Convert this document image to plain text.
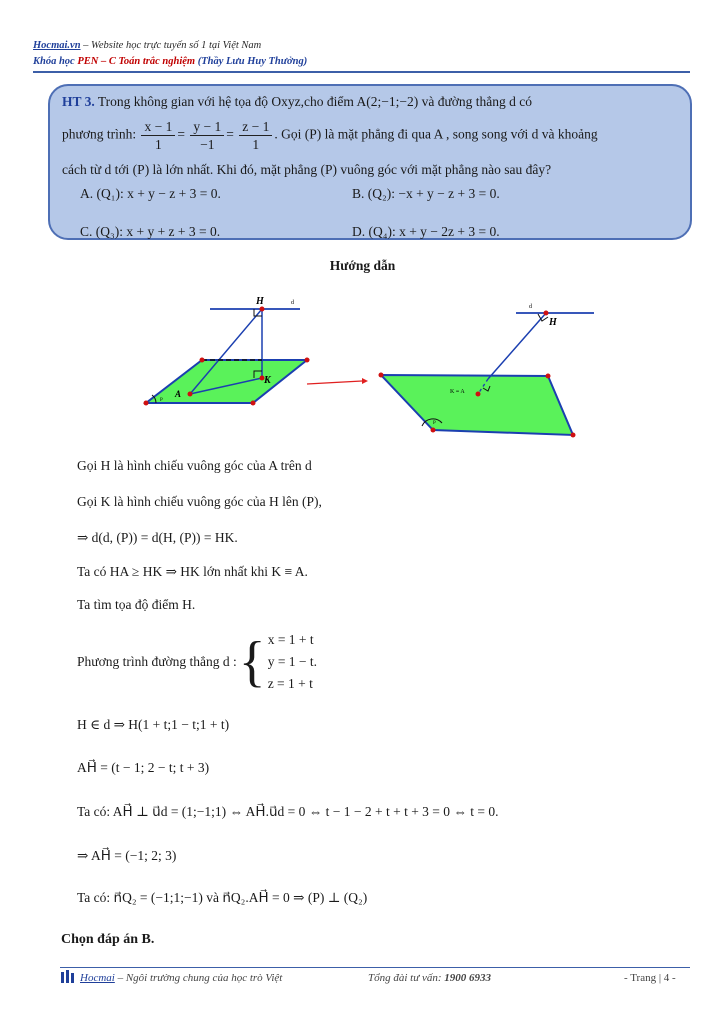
Hocmai.vn – Website học trực tuyến số 1 tại Việt Nam
Khóa học PEN – C Toán trắc nghiệm (Thầy Lưu Huy Thưởng)
HT 3. Trong không gian với hệ tọa độ Oxyz,cho điểm A(2;−1;−2) và đường thẳng d có
phương trình: $\frac{x - 1}{1} = \frac{y - 1}{-1} = \frac{z - 1}{1}$ . Gọi (P) là mặt phẳng đi qua A , song song với d và khoảng
cách từ d tới (P) là lớn nhất. Khi đó, mặt phẳng (P) vuông góc với mặt phẳng nào sau đây?
A. (Q₁): x + y − z + 3 = 0.	B. (Q₂): −x + y − z + 3 = 0.
C. (Q₃): x + y + z + 3 = 0.	D. (Q₄): x + y − 2z + 3 = 0.
Hướng dẫn
H	d
K
A
P
d
H
K ≡ A
P
Gọi H là hình chiếu vuông góc của A trên d
Gọi K là hình chiếu vuông góc của H lên (P),
⇒ d(d, (P)) = d(H, (P)) = HK.
Ta có HA ≥ HK ⇒ HK lớn nhất khi K ≡ A.
Ta tìm tọa độ điểm H.
Phương trình đường thẳng d :{ x = 1 + t
y = 1 − t.
z = 1 + t
H ∈ d ⇒ H(1 + t;1 − t;1 + t)
AH⃗ = (t − 1; 2 − t; t + 3)
Ta có: AH⃗ ⊥ u⃗d = (1;−1;1) ⇔ AH⃗.u⃗d = 0 ⇔ t − 1 − 2 + t + t + 3 = 0 ⇔ t = 0.
⇒ AH⃗ = (−1; 2; 3)
Ta có: n⃗Q₂ = (−1;1;−1) và n⃗Q₂.AH⃗ = 0 ⇒ (P) ⊥ (Q₂)
Chọn đáp án B.
Hocmai – Ngôi trường chung của học trò Việt	Tổng đài tư vấn: 1900 6933	- Trang | 4 -
